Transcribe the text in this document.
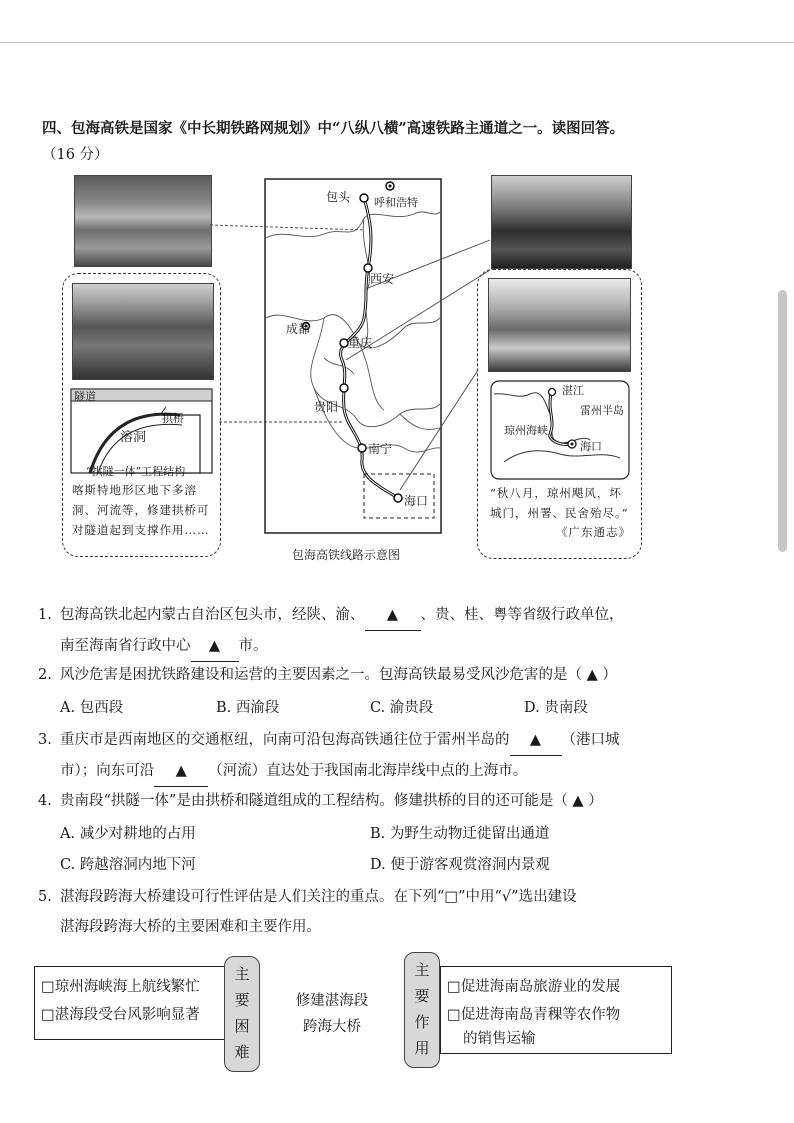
四、包海高铁是国家《中长期铁路网规划》中“八纵八横”高速铁路主通道之一。读图回答。
（16 分）
隧道
拱桥
溶洞
“拱隧一体”工程结构
喀斯特地形区地下多溶洞、河流等，修建拱桥可对隧道起到支撑作用……
包头 呼和浩特
西安
成都
重庆
贵阳
南宁
海口
包海高铁线路示意图
湛江
雷州半岛
琼州海峡
海口
“秋八月，琼州飓风，坏城门，州署、民舍殆尽。”
《广东通志》
1. 包海高铁北起内蒙古自治区包头市，经陕、渝、 ▲ 、贵、桂、粤等省级行政单位，
南至海南省行政中心 ▲ 市。
2. 风沙危害是困扰铁路建设和运营的主要因素之一。包海高铁最易受风沙危害的是（ ▲ ）
A. 包西段	B. 西渝段	C. 渝贵段	D. 贵南段
3. 重庆市是西南地区的交通枢纽，向南可沿包海高铁通往位于雷州半岛的 ▲ （港口城
市）；向东可沿 ▲ （河流）直达处于我国南北海岸线中点的上海市。
4. 贵南段“拱隧一体”是由拱桥和隧道组成的工程结构。修建拱桥的目的还可能是（ ▲ ）
A. 减少对耕地的占用	B. 为野生动物迁徙留出通道
C. 跨越溶洞内地下河	D. 便于游客观赏溶洞内景观
5. 湛海段跨海大桥建设可行性评估是人们关注的重点。在下列“□”中用“√”选出建设
湛海段跨海大桥的主要困难和主要作用。
□琼州海峡海上航线繁忙
□湛海段受台风影响显著
主
要
困
难
修建湛海段
跨海大桥
主
要
作
用
□促进海南岛旅游业的发展
□促进海南岛青稞等农作物
的销售运输
